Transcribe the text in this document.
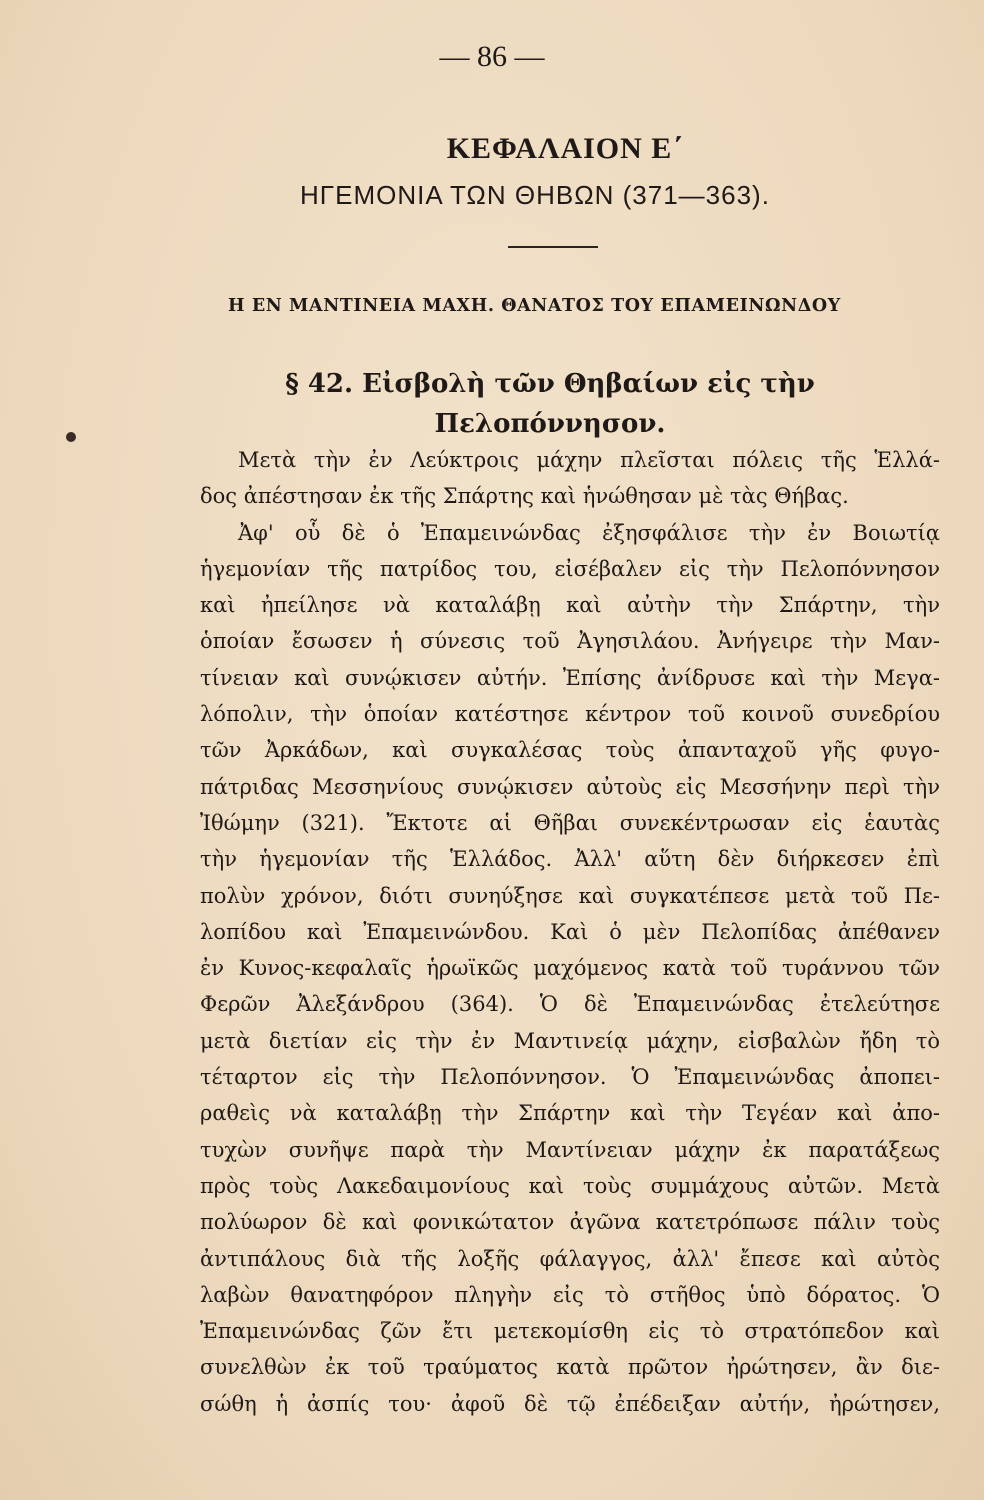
— 86 —
ΚΕΦΑΛΑΙΟΝ Ε΄
ΗΓΕΜΟΝΙΑ ΤΩΝ ΘΗΒΩΝ (371—363).
Η ΕΝ ΜΑΝΤΙΝΕΙΑ ΜΑΧΗ. ΘΑΝΑΤΟΣ ΤΟΥ ΕΠΑΜΕΙΝΩΝΔΟΥ
§ 42. Εἰσβολὴ τῶν Θηβαίων εἰς τὴν
Πελοπόννησον.
Μετὰ τὴν ἐν Λεύκτροις μάχην πλεῖσται πόλεις τῆς Ἑλλά-
δος ἀπέστησαν ἐκ τῆς Σπάρτης καὶ ἡνώθησαν μὲ τὰς Θήβας.
Ἀφ' οὗ δὲ ὁ Ἐπαμεινώνδας ἐξησφάλισε τὴν ἐν Βοιωτίᾳ
ἡγεμονίαν τῆς πατρίδος του, εἰσέβαλεν εἰς τὴν Πελοπόννησον
καὶ ἠπείλησε νὰ καταλάβῃ καὶ αὐτὴν τὴν Σπάρτην, τὴν
ὁποίαν ἔσωσεν ἡ σύνεσις τοῦ Ἀγησιλάου. Ἀνήγειρε τὴν Μαν-
τίνειαν καὶ συνῴκισεν αὐτήν. Ἐπίσης ἀνίδρυσε καὶ τὴν Μεγα-
λόπολιν, τὴν ὁποίαν κατέστησε κέντρον τοῦ κοινοῦ συνεδρίου
τῶν Ἀρκάδων, καὶ συγκαλέσας τοὺς ἀπανταχοῦ γῆς φυγο-
πάτριδας Μεσσηνίους συνῴκισεν αὐτοὺς εἰς Μεσσήνην περὶ τὴν
Ἰθώμην (321). Ἔκτοτε αἱ Θῆβαι συνεκέντρωσαν εἰς ἑαυτὰς
τὴν ἡγεμονίαν τῆς Ἑλλάδος. Ἀλλ' αὕτη δὲν διήρκεσεν ἐπὶ
πολὺν χρόνον, διότι συνηύξησε καὶ συγκατέπεσε μετὰ τοῦ Πε-
λοπίδου καὶ Ἐπαμεινώνδου. Καὶ ὁ μὲν Πελοπίδας ἀπέθανεν
ἐν Κυνος-κεφαλαῖς ἡρωϊκῶς μαχόμενος κατὰ τοῦ τυράννου τῶν
Φερῶν Ἀλεξάνδρου (364). Ὁ δὲ Ἐπαμεινώνδας ἐτελεύτησε
μετὰ διετίαν εἰς τὴν ἐν Μαντινείᾳ μάχην, εἰσβαλὼν ἤδη τὸ
τέταρτον εἰς τὴν Πελοπόννησον. Ὁ Ἐπαμεινώνδας ἀποπει-
ραθεὶς νὰ καταλάβῃ τὴν Σπάρτην καὶ τὴν Τεγέαν καὶ ἀπο-
τυχὼν συνῆψε παρὰ τὴν Μαντίνειαν μάχην ἐκ παρατάξεως
πρὸς τοὺς Λακεδαιμονίους καὶ τοὺς συμμάχους αὐτῶν. Μετὰ
πολύωρον δὲ καὶ φονικώτατον ἀγῶνα κατετρόπωσε πάλιν τοὺς
ἀντιπάλους διὰ τῆς λοξῆς φάλαγγος, ἀλλ' ἔπεσε καὶ αὐτὸς
λαβὼν θανατηφόρον πληγὴν εἰς τὸ στῆθος ὑπὸ δόρατος. Ὁ
Ἐπαμεινώνδας ζῶν ἔτι μετεκομίσθη εἰς τὸ στρατόπεδον καὶ
συνελθὼν ἐκ τοῦ τραύματος κατὰ πρῶτον ἠρώτησεν, ἂν διε-
σώθη ἡ ἀσπίς του· ἀφοῦ δὲ τῷ ἐπέδειξαν αὐτήν, ἠρώτησεν,
